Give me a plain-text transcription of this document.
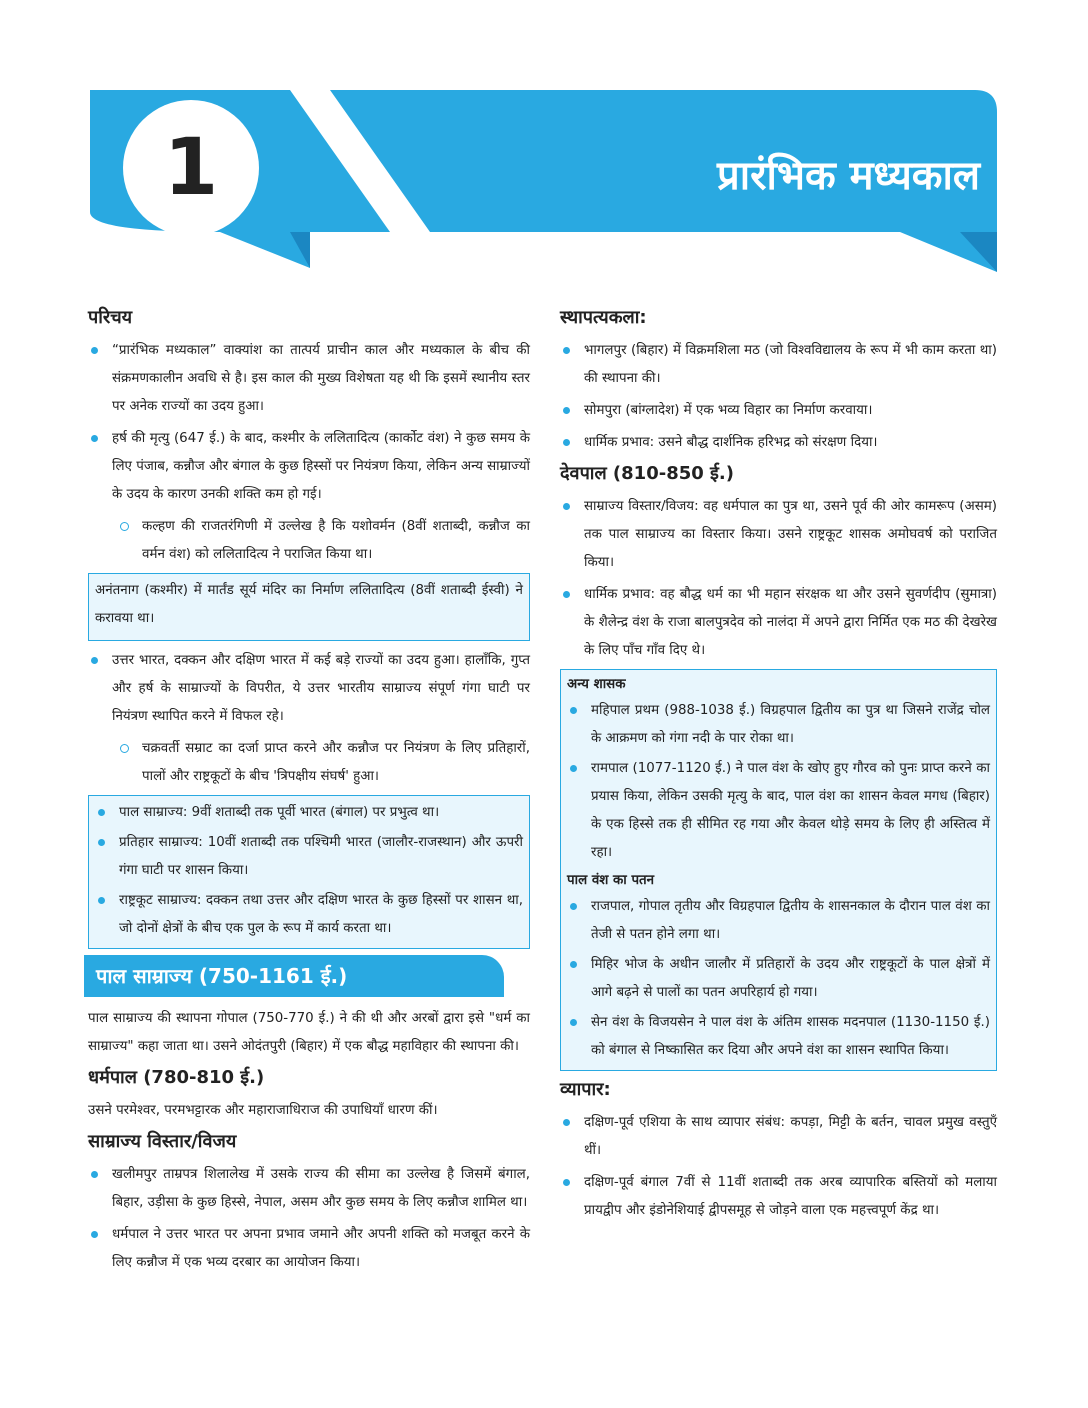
1	प्रारंभिक मध्यकाल
परिचय
“प्रारंभिक मध्यकाल” वाक्यांश का तात्पर्य प्राचीन काल और मध्यकाल के बीच की संक्रमणकालीन अवधि से है। इस काल की मुख्य विशेषता यह थी कि इसमें स्थानीय स्तर पर अनेक राज्यों का उदय हुआ।
हर्ष की मृत्यु (647 ई.) के बाद, कश्मीर के ललितादित्य (कार्कोट वंश) ने कुछ समय के लिए पंजाब, कन्नौज और बंगाल के कुछ हिस्सों पर नियंत्रण किया, लेकिन अन्य साम्राज्यों के उदय के कारण उनकी शक्ति कम हो गई।
कल्हण की राजतरंगिणी में उल्लेख है कि यशोवर्मन (8वीं शताब्दी, कन्नौज का वर्मन वंश) को ललितादित्य ने पराजित किया था।

अनंतनाग (कश्मीर) में मार्तंड सूर्य मंदिर का निर्माण ललितादित्य (8वीं शताब्दी ईस्वी) ने करावया था।

उत्तर भारत, दक्कन और दक्षिण भारत में कई बड़े राज्यों का उदय हुआ। हालाँकि, गुप्त और हर्ष के साम्राज्यों के विपरीत, ये उत्तर भारतीय साम्राज्य संपूर्ण गंगा घाटी पर नियंत्रण स्थापित करने में विफल रहे।
चक्रवर्ती सम्राट का दर्जा प्राप्त करने और कन्नौज पर नियंत्रण के लिए प्रतिहारों, पालों और राष्ट्रकूटों के बीच 'त्रिपक्षीय संघर्ष' हुआ।
पाल साम्राज्य: 9वीं शताब्दी तक पूर्वी भारत (बंगाल) पर प्रभुत्व था।
प्रतिहार साम्राज्य: 10वीं शताब्दी तक पश्चिमी भारत (जालौर-राजस्थान) और ऊपरी गंगा घाटी पर शासन किया।
राष्ट्रकूट साम्राज्य: दक्कन तथा उत्तर और दक्षिण भारत के कुछ हिस्सों पर शासन था, जो दोनों क्षेत्रों के बीच एक पुल के रूप में कार्य करता था।
पाल साम्राज्य (750-1161 ई.)

पाल साम्राज्य की स्थापना गोपाल (750-770 ई.) ने की थी और अरबों द्वारा इसे "धर्म का साम्राज्य" कहा जाता था। उसने ओदंतपुरी (बिहार) में एक बौद्ध महाविहार की स्थापना की।

धर्मपाल (780-810 ई.)

उसने परमेश्वर, परमभट्टारक और महाराजाधिराज की उपाधियाँ धारण कीं।

साम्राज्य विस्तार/विजय
खलीमपुर ताम्रपत्र शिलालेख में उसके राज्य की सीमा का उल्लेख है जिसमें बंगाल, बिहार, उड़ीसा के कुछ हिस्से, नेपाल, असम और कुछ समय के लिए कन्नौज शामिल था।
धर्मपाल ने उत्तर भारत पर अपना प्रभाव जमाने और अपनी शक्ति को मजबूत करने के लिए कन्नौज में एक भव्य दरबार का आयोजन किया।
स्थापत्यकला:
भागलपुर (बिहार) में विक्रमशिला मठ (जो विश्वविद्यालय के रूप में भी काम करता था) की स्थापना की।
सोमपुरा (बांग्लादेश) में एक भव्य विहार का निर्माण करवाया।
धार्मिक प्रभाव: उसने बौद्ध दार्शनिक हरिभद्र को संरक्षण दिया।
देवपाल (810-850 ई.)
साम्राज्य विस्तार/विजय: वह धर्मपाल का पुत्र था, उसने पूर्व की ओर कामरूप (असम) तक पाल साम्राज्य का विस्तार किया। उसने राष्ट्रकूट शासक अमोघवर्ष को पराजित किया।
धार्मिक प्रभाव: वह बौद्ध धर्म का भी महान संरक्षक था और उसने सुवर्णदीप (सुमात्रा) के शैलेन्द्र वंश के राजा बालपुत्रदेव को नालंदा में अपने द्वारा निर्मित एक मठ की देखरेख के लिए पाँच गाँव दिए थे।
अन्य शासक
महिपाल प्रथम (988-1038 ई.) विग्रहपाल द्वितीय का पुत्र था जिसने राजेंद्र चोल के आक्रमण को गंगा नदी के पार रोका था।
रामपाल (1077-1120 ई.) ने पाल वंश के खोए हुए गौरव को पुनः प्राप्त करने का प्रयास किया, लेकिन उसकी मृत्यु के बाद, पाल वंश का शासन केवल मगध (बिहार) के एक हिस्से तक ही सीमित रह गया और केवल थोड़े समय के लिए ही अस्तित्व में रहा।
पाल वंश का पतन
राजपाल, गोपाल तृतीय और विग्रहपाल द्वितीय के शासनकाल के दौरान पाल वंश का तेजी से पतन होने लगा था।
मिहिर भोज के अधीन जालौर में प्रतिहारों के उदय और राष्ट्रकूटों के पाल क्षेत्रों में आगे बढ़ने से पालों का पतन अपरिहार्य हो गया।
सेन वंश के विजयसेन ने पाल वंश के अंतिम शासक मदनपाल (1130-1150 ई.) को बंगाल से निष्कासित कर दिया और अपने वंश का शासन स्थापित किया।
व्यापार:
दक्षिण-पूर्व एशिया के साथ व्यापार संबंध: कपड़ा, मिट्टी के बर्तन, चावल प्रमुख वस्तुएँ थीं।
दक्षिण-पूर्व बंगाल 7वीं से 11वीं शताब्दी तक अरब व्यापारिक बस्तियों को मलाया प्रायद्वीप और इंडोनेशियाई द्वीपसमूह से जोड़ने वाला एक महत्त्वपूर्ण केंद्र था।
